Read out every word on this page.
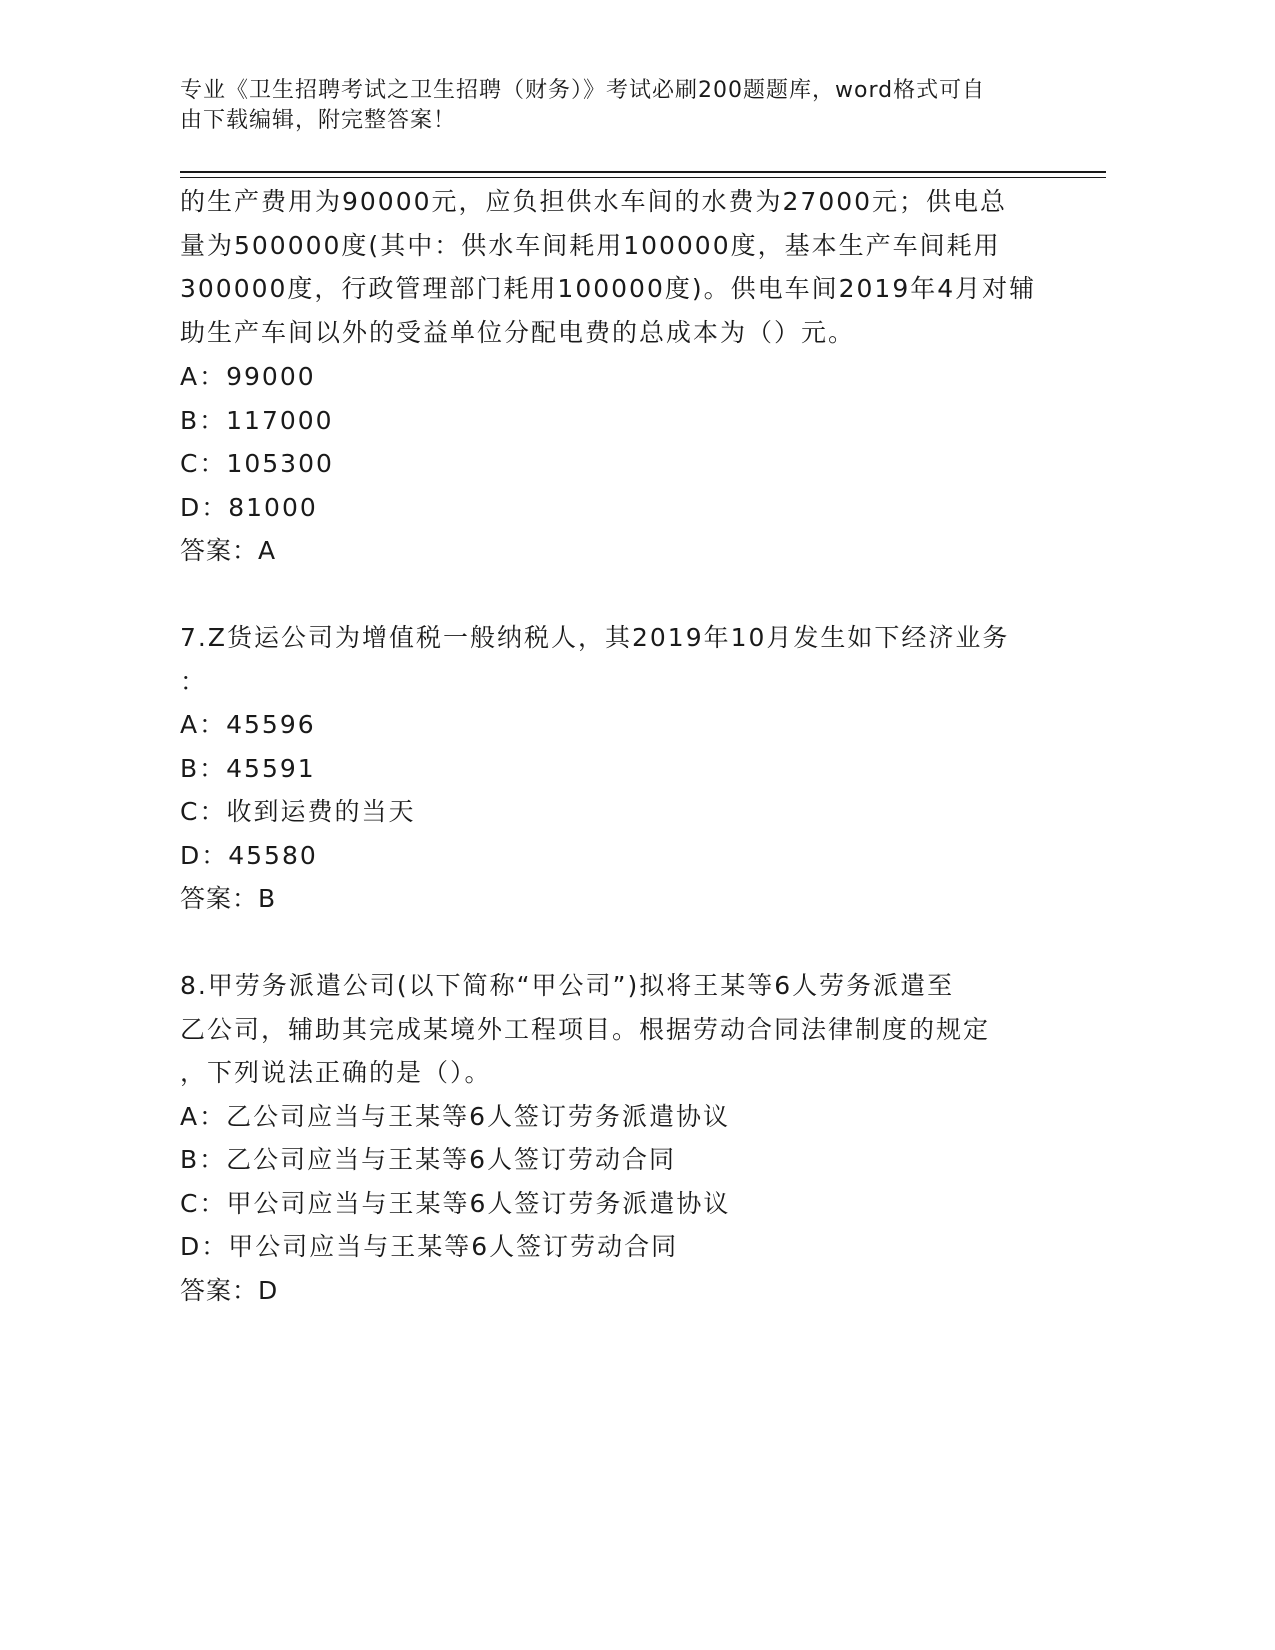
专业《卫生招聘考试之卫生招聘（财务）》考试必刷200题题库，word格式可自
由下载编辑，附完整答案！
的生产费用为90000元，应负担供水车间的水费为27000元；供电总
量为500000度(其中：供水车间耗用100000度，基本生产车间耗用
300000度，行政管理部门耗用100000度)。供电车间2019年4月对辅
助生产车间以外的受益单位分配电费的总成本为（）元。
A：99000
B：117000
C：105300
D：81000
答案：A
7.Z货运公司为增值税一般纳税人，其2019年10月发生如下经济业务
：
A：45596
B：45591
C：收到运费的当天
D：45580
答案：B
8.甲劳务派遣公司(以下简称“甲公司”)拟将王某等6人劳务派遣至
乙公司，辅助其完成某境外工程项目。根据劳动合同法律制度的规定
，下列说法正确的是（）。
A：乙公司应当与王某等6人签订劳务派遣协议
B：乙公司应当与王某等6人签订劳动合同
C：甲公司应当与王某等6人签订劳务派遣协议
D：甲公司应当与王某等6人签订劳动合同
答案：D
